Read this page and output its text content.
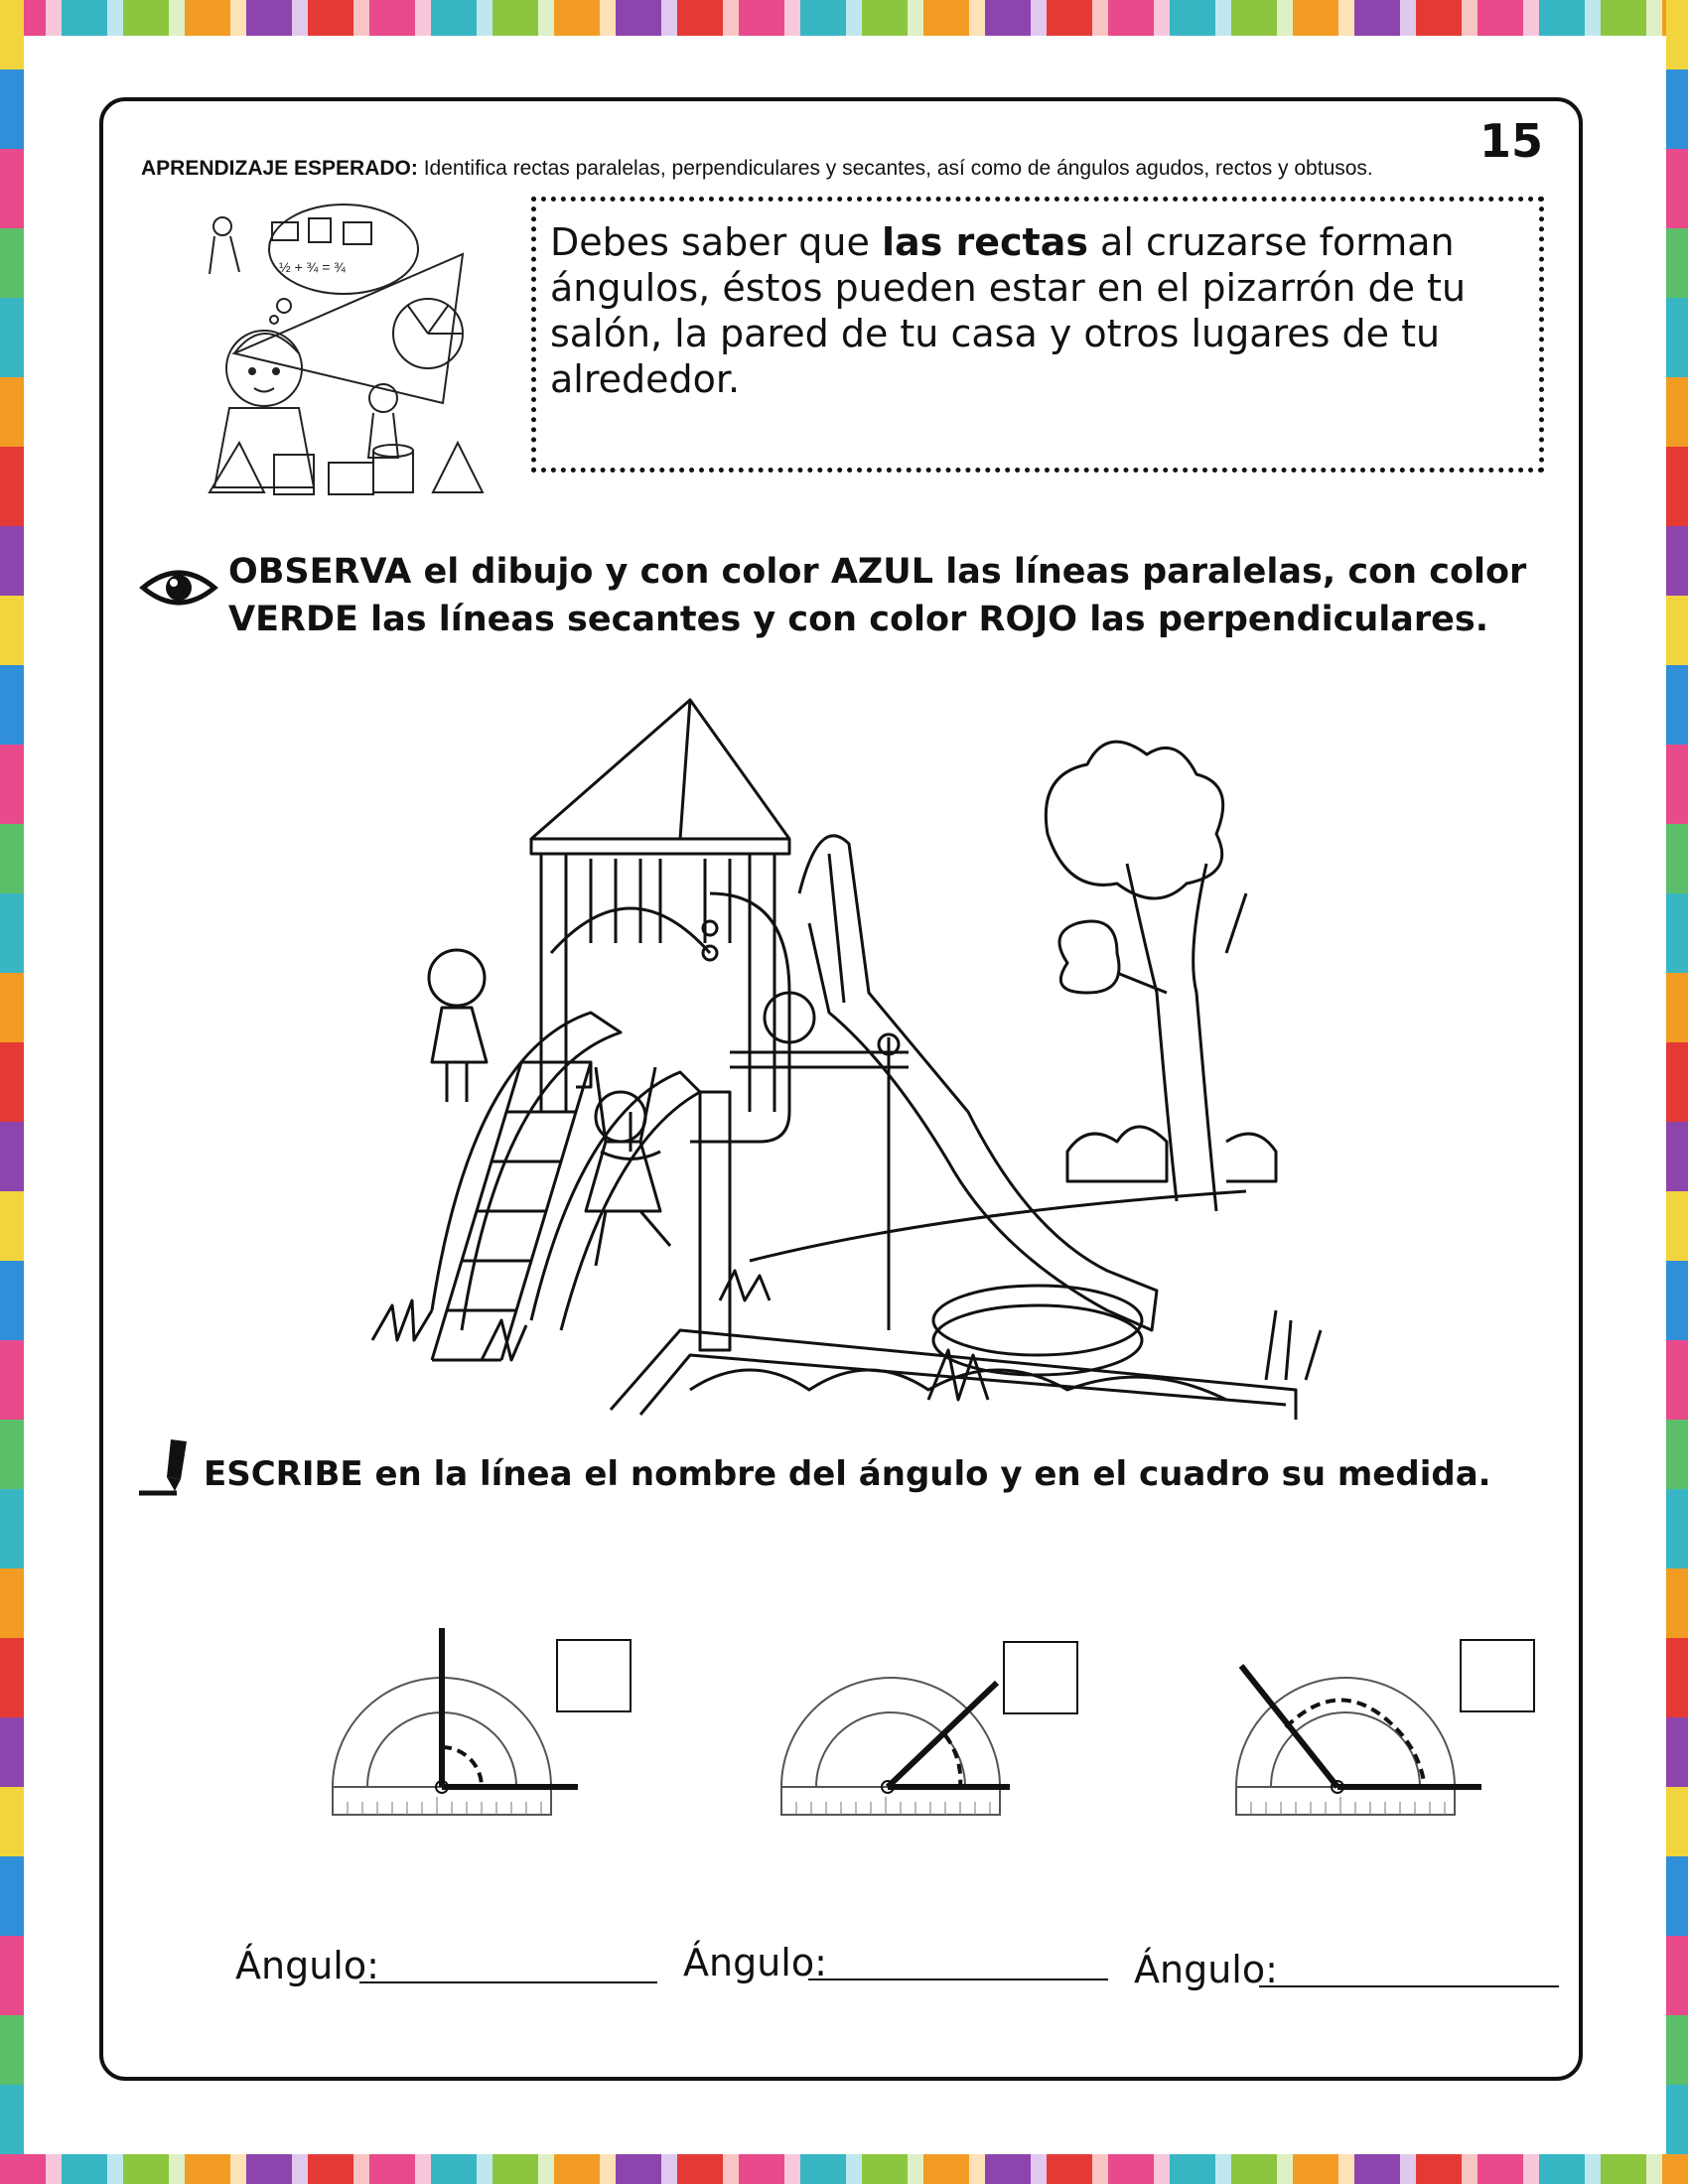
15
APRENDIZAJE ESPERADO: Identifica rectas paralelas, perpendiculares y secantes, así como de ángulos agudos, rectos y obtusos.
½ + ¾ = ¾
Debes saber que las rectas al cruzarse forman ángulos, éstos pueden estar en el pizarrón de tu salón, la pared de tu casa y otros lugares de tu alrededor.
OBSERVA el dibujo y con color AZUL las líneas paralelas, con color VERDE las líneas secantes y con color ROJO las perpendiculares.
ESCRIBE en la línea el nombre del ángulo y en el cuadro su medida.
Ángulo:	Ángulo:	Ángulo:
